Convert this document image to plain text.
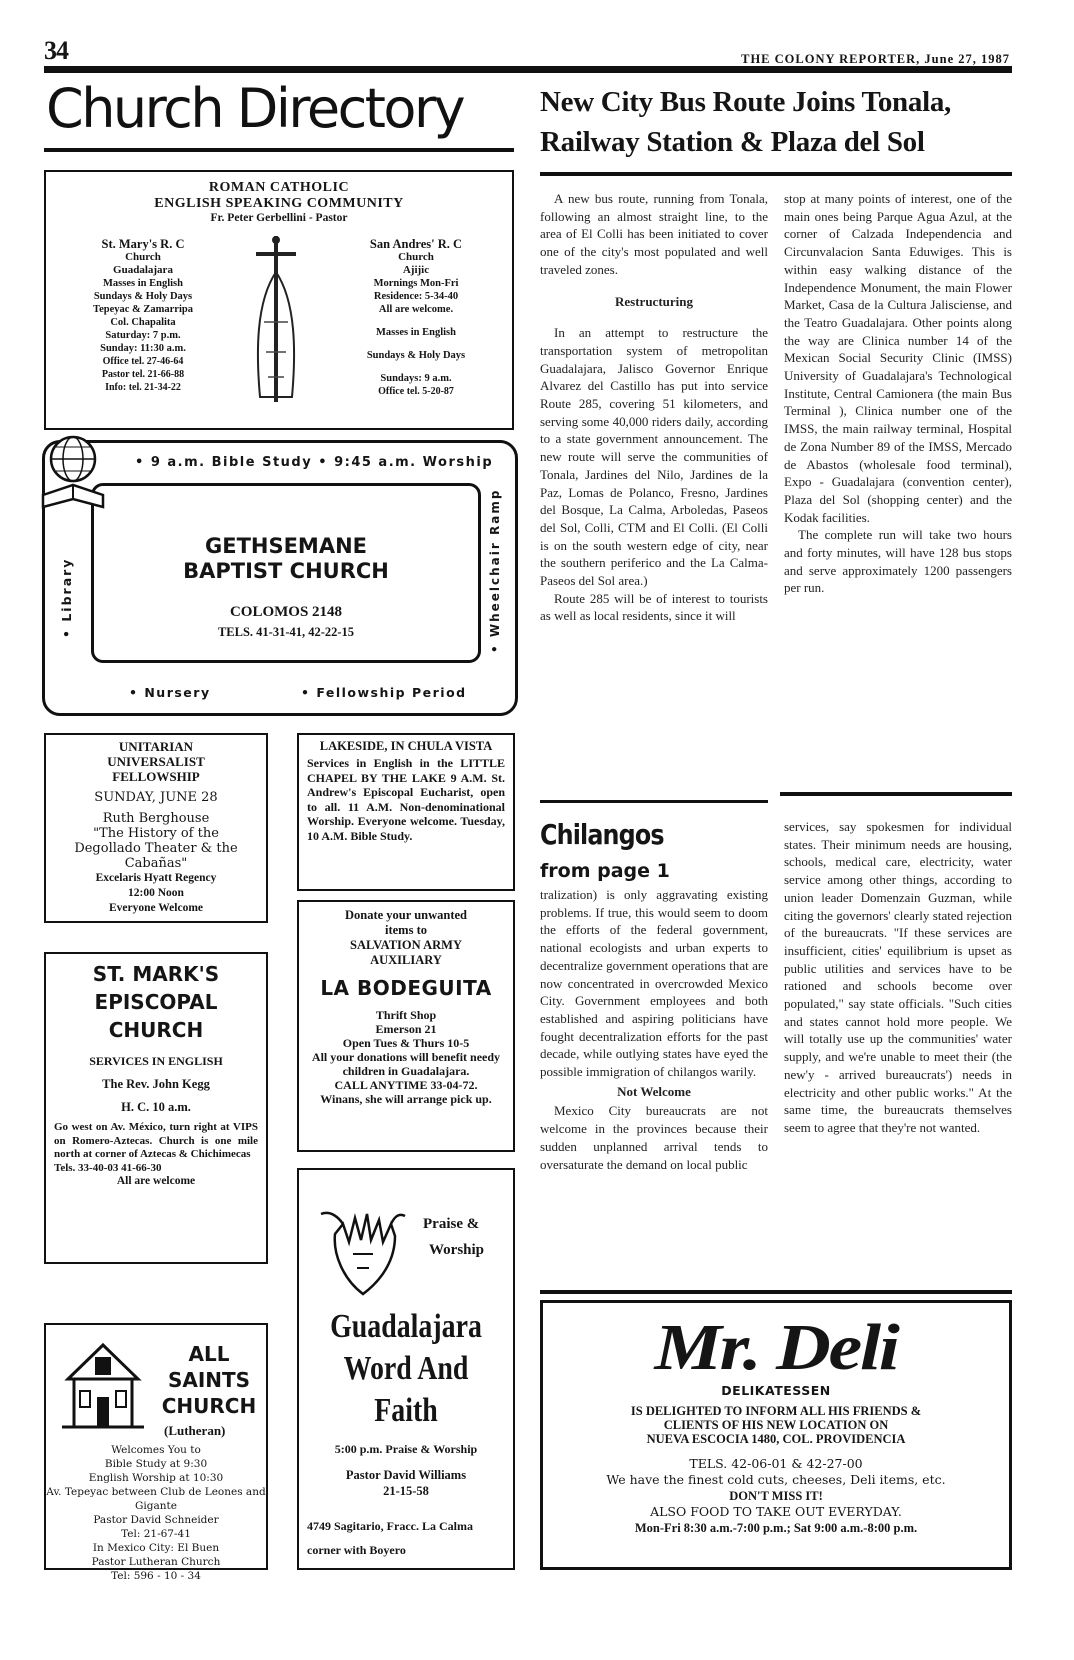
34	THE COLONY REPORTER, June 27, 1987
Church Directory
ROMAN CATHOLIC
ENGLISH SPEAKING COMMUNITY
Fr. Peter Gerbellini - Pastor
St. Mary's R. C
Church
Guadalajara
Masses in English
Sundays & Holy Days
Tepeyac & Zamarripa
Col. Chapalita
Saturday: 7 p.m.
Sunday: 11:30 a.m.
Office tel. 27-46-64
Pastor tel. 21-66-88
Info: tel. 21-34-22
San Andres' R. C
Church
Ajijic
Mornings Mon-Fri
Residence: 5-34-40
All are welcome.
Masses in English
Sundays & Holy Days
Sundays: 9 a.m.
Office tel. 5-20-87
• 9 a.m. Bible Study • 9:45 a.m. Worship
GETHSEMANE
BAPTIST CHURCH
COLOMOS 2148
TELS. 41-31-41, 42-22-15
• Library	• Wheelchair Ramp
• Nursery	• Fellowship Period
UNITARIAN
UNIVERSALIST
FELLOWSHIP
SUNDAY, JUNE 28
Ruth Berghouse
"The History of the
Degollado Theater & the
Cabañas"
Excelaris Hyatt Regency
12:00 Noon
Everyone Welcome
LAKESIDE, IN CHULA VISTA
Services in English in the LITTLE CHAPEL BY THE LAKE 9 A.M. St. Andrew's Episcopal Eucharist, open to all. 11 A.M. Non-denominational Worship. Everyone welcome. Tuesday, 10 A.M. Bible Study.
Donate your unwanted
items to
SALVATION ARMY
AUXILIARY
LA BODEGUITA
Thrift Shop
Emerson 21
Open Tues & Thurs 10-5
All your donations will benefit needy children in Guadalajara.
CALL ANYTIME 33-04-72.
Winans, she will arrange pick up.
ST. MARK'S
EPISCOPAL
CHURCH
SERVICES IN ENGLISH
The Rev. John Kegg
H. C. 10 a.m.
Go west on Av. México, turn right at VIPS on Romero-Aztecas. Church is one mile north at corner of Aztecas & Chichimecas
Tels. 33-40-03 41-66-30
All are welcome
Praise &
Worship
Guadalajara
Word And
Faith
5:00 p.m. Praise & Worship
Pastor David Williams
21-15-58
4749 Sagitario, Fracc. La Calma corner with Boyero
ALL
SAINTS
CHURCH
(Lutheran)
Welcomes You to
Bible Study at 9:30
English Worship at 10:30
Av. Tepeyac between Club de Leones and Gigante
Pastor David Schneider
Tel: 21-67-41
In Mexico City: El Buen
Pastor Lutheran Church
Tel: 596 - 10 - 34
New City Bus Route Joins Tonala,
Railway Station & Plaza del Sol

A new bus route, running from Tonala, following an almost straight line, to the area of El Colli has been initiated to cover one of the city's most populated and well traveled zones.

Restructuring

In an attempt to restructure the transportation system of metropolitan Guadalajara, Jalisco Governor Enrique Alvarez del Castillo has put into service Route 285, covering 51 kilometers, and serving some 40,000 riders daily, according to a state government announcement. The new route will serve the communities of Tonala, Jardines del Nilo, Jardines de la Paz, Lomas de Polanco, Fresno, Jardines del Bosque, La Calma, Arboledas, Paseos del Sol, Colli, CTM and El Colli. (El Colli is on the south western edge of city, near the southern periferico and the La Calma-Paseos del Sol area.)

Route 285 will be of interest to tourists as well as local residents, since it will

stop at many points of interest, one of the main ones being Parque Agua Azul, at the corner of Calzada Independencia and Circunvalacion Santa Eduwiges. This is within easy walking distance of the Independence Monument, the main Flower Market, Casa de la Cultura Jalisciense, and the Teatro Guadalajara. Other points along the way are Clinica number 14 of the Mexican Social Security Clinic (IMSS) University of Guadalajara's Technological Institute, Central Camionera (the main Bus Terminal ), Clinica number one of the IMSS, the main railway terminal, Hospital de Zona Number 89 of the IMSS, Mercado de Abastos (wholesale food terminal), Expo - Guadalajara (convention center), Plaza del Sol (shopping center) and the Kodak facilities.

The complete run will take two hours and forty minutes, will have 128 bus stops and serve approximately 1200 passengers per run.

Chilangos
from page 1

tralization) is only aggravating existing problems. If true, this would seem to doom the efforts of the federal government, national ecologists and urban experts to decentralize government operations that are now concentrated in overcrowded Mexico City. Government employees and both established and aspiring politicians have fought decentralization efforts for the past decade, while outlying states have eyed the possible immigration of chilangos warily.

Not Welcome

Mexico City bureaucrats are not welcome in the provinces because their sudden unplanned arrival tends to oversaturate the demand on local public

services, say spokesmen for individual states. Their minimum needs are housing, schools, medical care, electricity, water service among other things, according to union leader Domenzain Guzman, while citing the governors' clearly stated rejection of the bureaucrats. "If these services are insufficient, cities' equilibrium is upset as public utilities and services have to be rationed and schools become over populated," say state officials. "Such cities and states cannot hold more people. We will totally use up the communities' water supply, and we're unable to meet their (the new'y - arrived bureaucrats') needs in electricity and other public works." At the same time, the bureaucrats themselves seem to agree that they're not wanted.

Mr. Deli
DELIKATESSEN
IS DELIGHTED TO INFORM ALL HIS FRIENDS &
CLIENTS OF HIS NEW LOCATION ON
NUEVA ESCOCIA 1480, COL. PROVIDENCIA
TELS. 42-06-01 & 42-27-00
We have the finest cold cuts, cheeses, Deli items, etc.
DON'T MISS IT!
ALSO FOOD TO TAKE OUT EVERYDAY.
Mon-Fri 8:30 a.m.-7:00 p.m.; Sat 9:00 a.m.-8:00 p.m.
